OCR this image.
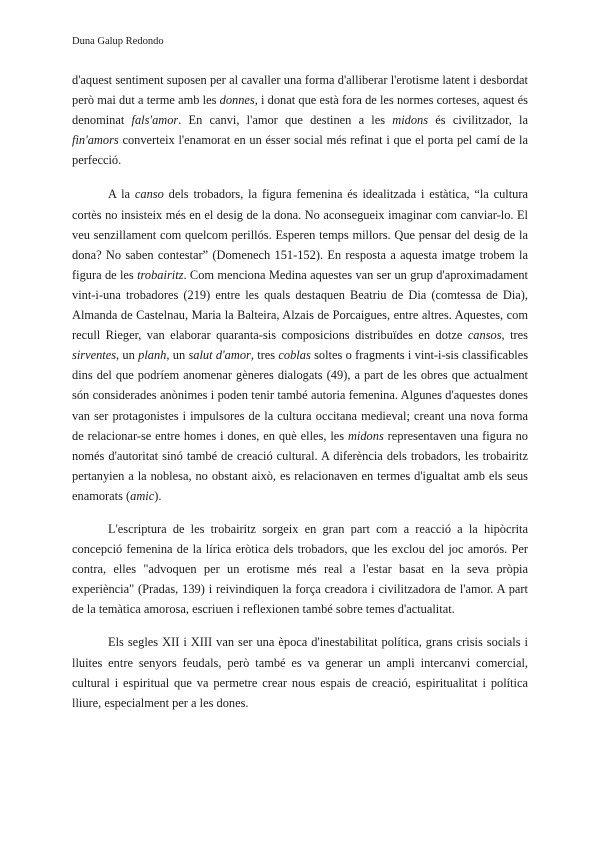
Duna Galup Redondo

d'aquest sentiment suposen per al cavaller una forma d'alliberar l'erotisme latent i desbordat però mai dut a terme amb les donnes, i donat que està fora de les normes corteses, aquest és denominat fals'amor. En canvi, l'amor que destinen a les midons és civilitzador, la fin'amors converteix l'enamorat en un ésser social més refinat i que el porta pel camí de la perfecció.

A la canso dels trobadors, la figura femenina és idealitzada i estàtica, “la cultura cortès no insisteix més en el desig de la dona. No aconsegueix imaginar com canviar-lo. El veu senzillament com quelcom perillós. Esperen temps millors. Que pensar del desig de la dona? No saben contestar” (Domenech 151-152). En resposta a aquesta imatge trobem la figura de les trobairitz. Com menciona Medina aquestes van ser un grup d'aproximadament vint-i-una trobadores (219) entre les quals destaquen Beatriu de Dia (comtessa de Dia), Almanda de Castelnau, Maria la Balteira, Alzais de Porcaigues, entre altres. Aquestes, com recull Rieger, van elaborar quaranta-sis composicions distribuïdes en dotze cansos, tres sirventes, un planh, un salut d'amor, tres coblas soltes o fragments i vint-i-sis classificables dins del que podríem anomenar gèneres dialogats (49), a part de les obres que actualment són considerades anònimes i poden tenir també autoria femenina. Algunes d'aquestes dones van ser protagonistes i impulsores de la cultura occitana medieval; creant una nova forma de relacionar-se entre homes i dones, en què elles, les midons representaven una figura no només d'autoritat sinó també de creació cultural. A diferència dels trobadors, les trobairitz pertanyien a la noblesa, no obstant això, es relacionaven en termes d'igualtat amb els seus enamorats (amic).

L'escriptura de les trobairitz sorgeix en gran part com a reacció a la hipòcrita concepció femenina de la lírica eròtica dels trobadors, que les exclou del joc amorós. Per contra, elles "advoquen per un erotisme més real a l'estar basat en la seva pròpia experiència" (Pradas, 139) i reivindiquen la força creadora i civilitzadora de l'amor. A part de la temàtica amorosa, escriuen i reflexionen també sobre temes d'actualitat.

Els segles XII i XIII van ser una època d'inestabilitat política, grans crisis socials i lluites entre senyors feudals, però també es va generar un ampli intercanvi comercial, cultural i espiritual que va permetre crear nous espais de creació, espiritualitat i política lliure, especialment per a les dones.
